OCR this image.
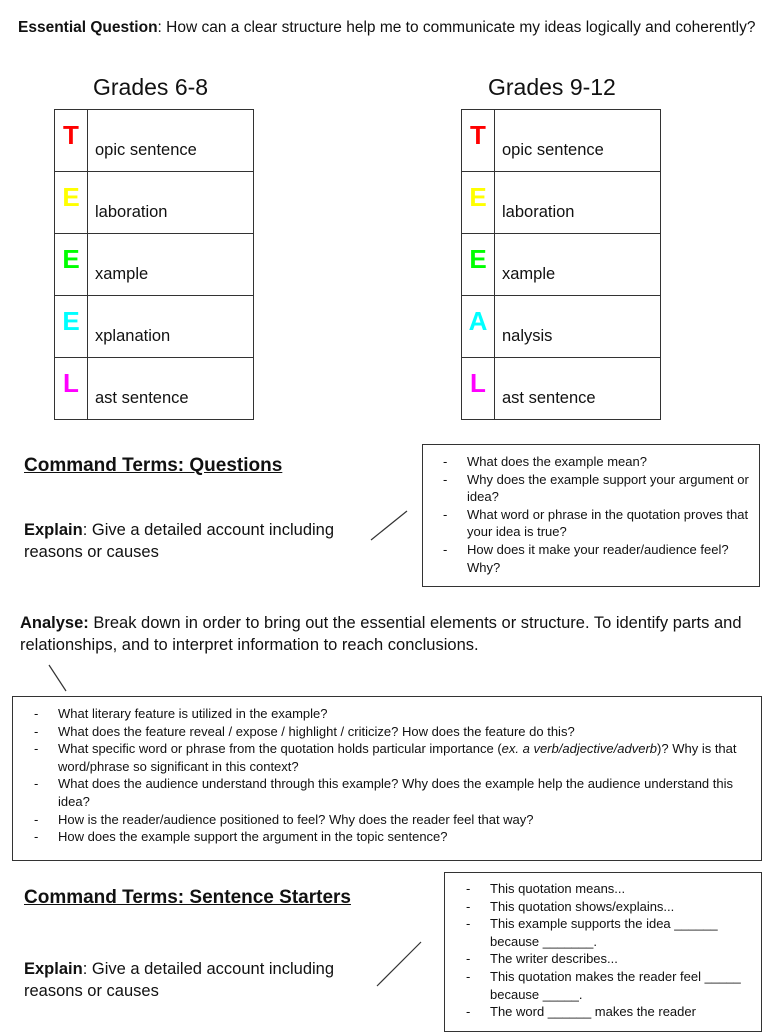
Essential Question: How can a clear structure help me to communicate my ideas logically and coherently?
Grades 6-8
T	opic sentence
E	laboration
E	xample
E	xplanation
L	ast sentence
Grades 9-12
T	opic sentence
E	laboration
E	xample
A	nalysis
L	ast sentence
Command Terms: Questions
Explain: Give a detailed account including reasons or causes
- What does the example mean?
- Why does the example support your argument or idea?
- What word or phrase in the quotation proves that your idea is true?
- How does it make your reader/audience feel? Why?
Analyse: Break down in order to bring out the essential elements or structure. To identify parts and relationships, and to interpret information to reach conclusions.
- What literary feature is utilized in the example?
- What does the feature reveal / expose / highlight / criticize? How does the feature do this?
- What specific word or phrase from the quotation holds particular importance (ex. a verb/adjective/adverb)? Why is that word/phrase so significant in this context?
- What does the audience understand through this example? Why does the example help the audience understand this idea?
- How is the reader/audience positioned to feel? Why does the reader feel that way?
- How does the example support the argument in the topic sentence?
Command Terms: Sentence Starters
Explain: Give a detailed account including reasons or causes
- This quotation means...
- This quotation shows/explains...
- This example supports the idea ______ because _______.
- The writer describes...
- This quotation makes the reader feel _____ because _____.
- The word ______ makes the reader
